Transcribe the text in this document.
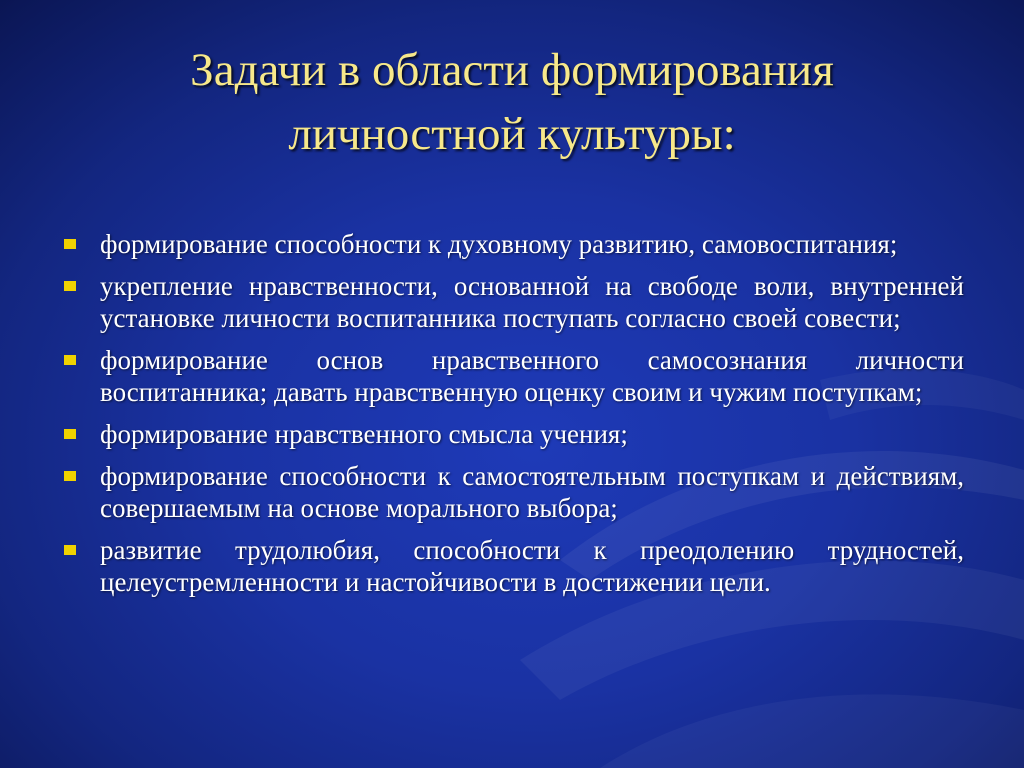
Задачи в области формирования
личностной культуры:
формирование способности к духовному развитию, самовоспитания;
укрепление нравственности, основанной на свободе воли, внутренней установке личности воспитанника поступать согласно своей совести;
формирование основ нравственного самосознания личности воспитанника; давать нравственную оценку своим и чужим поступкам;
формирование нравственного смысла учения;
формирование способности к самостоятельным поступкам и действиям, совершаемым на основе морального выбора;
развитие трудолюбия, способности к преодолению трудностей, целеустремленности и настойчивости в достижении цели.
